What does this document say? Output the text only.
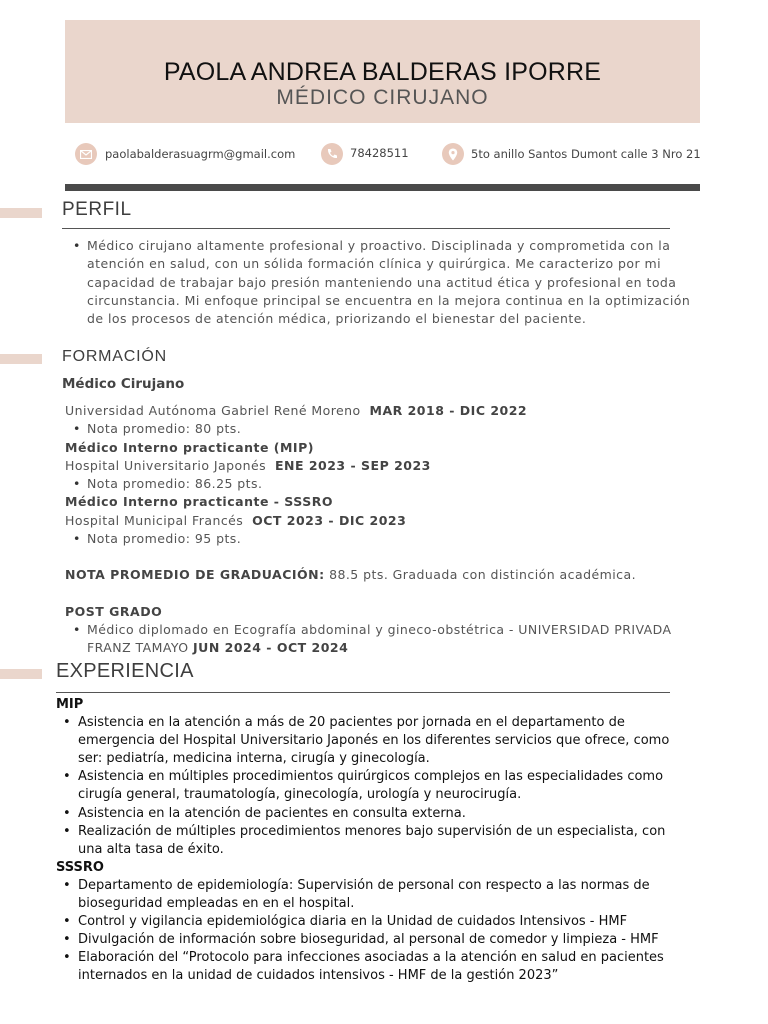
PAOLA ANDREA BALDERAS IPORRE
MÉDICO CIRUJANO
paolabalderasuagrm@gmail.com	78428511	5to anillo Santos Dumont calle 3 Nro 21
PERFIL
• Médico cirujano altamente profesional y proactivo. Disciplinada y comprometida con la atención en salud, con un sólida formación clínica y quirúrgica. Me caracterizo por mi capacidad de trabajar bajo presión manteniendo una actitud ética y profesional en toda circunstancia. Mi enfoque principal se encuentra en la mejora continua en la optimización de los procesos de atención médica, priorizando el bienestar del paciente.
FORMACIÓN
Médico Cirujano
Universidad Autónoma Gabriel René Moreno MAR 2018 - DIC 2022
• Nota promedio: 80 pts.
Médico Interno practicante (MIP)
Hospital Universitario Japonés ENE 2023 - SEP 2023
• Nota promedio: 86.25 pts.
Médico Interno practicante - SSSRO
Hospital Municipal Francés OCT 2023 - DIC 2023
• Nota promedio: 95 pts.
NOTA PROMEDIO DE GRADUACIÓN: 88.5 pts. Graduada con distinción académica.
POST GRADO
• Médico diplomado en Ecografía abdominal y gineco-obstétrica - UNIVERSIDAD PRIVADA FRANZ TAMAYO JUN 2024 - OCT 2024
EXPERIENCIA
MIP
• Asistencia en la atención a más de 20 pacientes por jornada en el departamento de emergencia del Hospital Universitario Japonés en los diferentes servicios que ofrece, como ser: pediatría, medicina interna, cirugía y ginecología.
• Asistencia en múltiples procedimientos quirúrgicos complejos en las especialidades como cirugía general, traumatología, ginecología, urología y neurocirugía.
• Asistencia en la atención de pacientes en consulta externa.
• Realización de múltiples procedimientos menores bajo supervisión de un especialista, con una alta tasa de éxito.
SSSRO
• Departamento de epidemiología: Supervisión de personal con respecto a las normas de bioseguridad empleadas en en el hospital.
• Control y vigilancia epidemiológica diaria en la Unidad de cuidados Intensivos - HMF
• Divulgación de información sobre bioseguridad, al personal de comedor y limpieza - HMF
• Elaboración del “Protocolo para infecciones asociadas a la atención en salud en pacientes internados en la unidad de cuidados intensivos - HMF de la gestión 2023”
